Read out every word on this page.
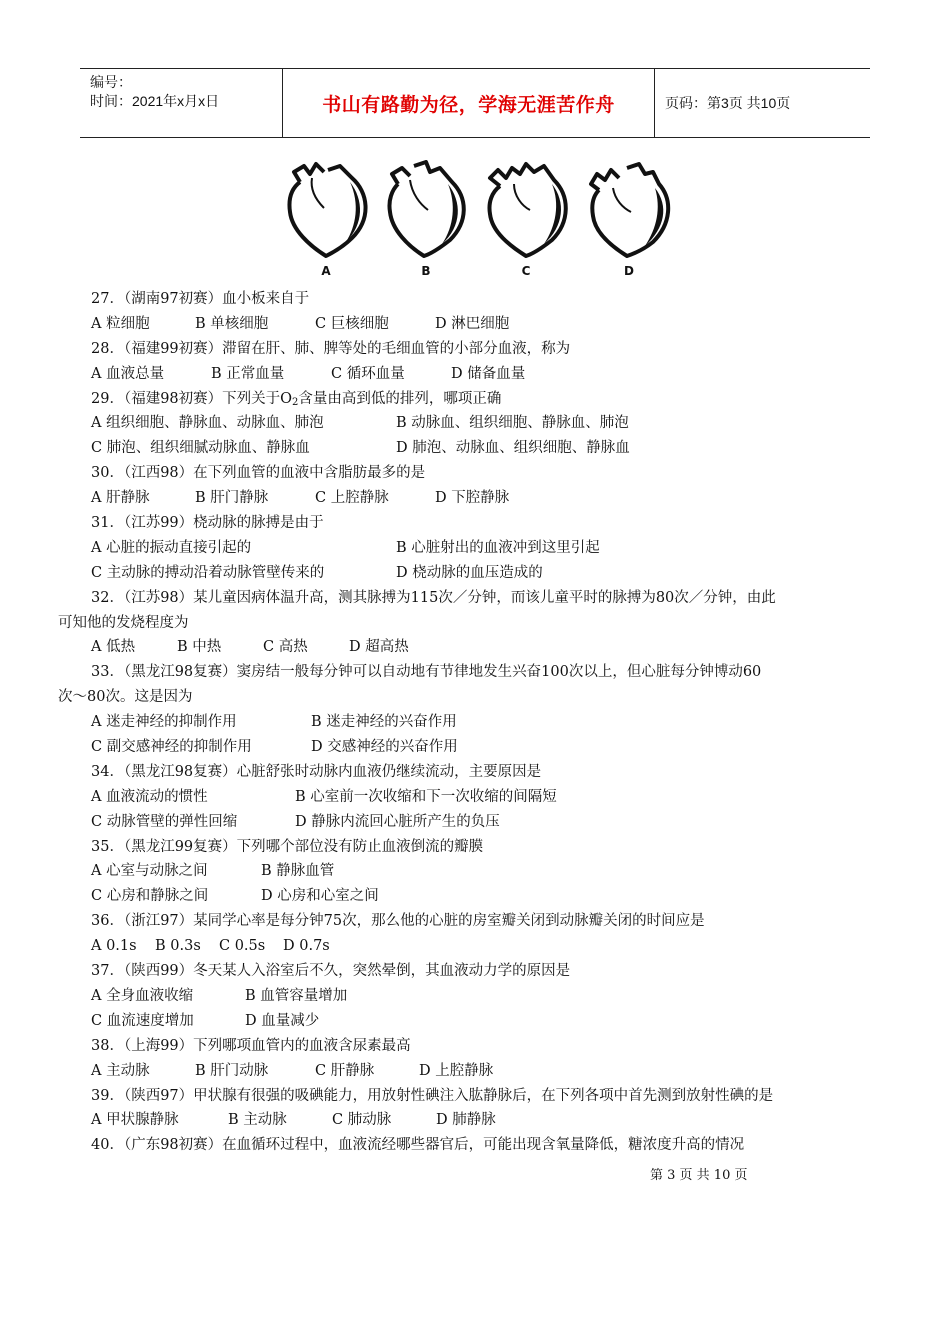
编号：
时间：2021年x月x日	书山有路勤为径，学海无涯苦作舟	页码：第3页 共10页
A	B	C	D
27．（湖南97初赛）血小板来自于
A 粒细胞	B 单核细胞	C 巨核细胞	D 淋巴细胞
28．（福建99初赛）滞留在肝、肺、脾等处的毛细血管的小部分血液，称为
A 血液总量	B 正常血量	C 循环血量	D 储备血量
29．（福建98初赛）下列关于$O_2$含量由高到低的排列，哪项正确
A 组织细胞、静脉血、动脉血、肺泡	B 动脉血、组织细胞、静脉血、肺泡
C 肺泡、组织细腻动脉血、静脉血	D 肺泡、动脉血、组织细胞、静脉血
30．（江西98）在下列血管的血液中含脂肪最多的是
A 肝静脉	B 肝门静脉	C 上腔静脉	D 下腔静脉
31．（江苏99）桡动脉的脉搏是由于
A 心脏的振动直接引起的	B 心脏射出的血液冲到这里引起
C 主动脉的搏动沿着动脉管壁传来的	D 桡动脉的血压造成的
32．（江苏98）某儿童因病体温升高，测其脉搏为115次／分钟，而该儿童平时的脉搏为80次／分钟，由此
可知他的发烧程度为
A 低热	B 中热	C 高热	D 超高热
33．（黑龙江98复赛）窦房结一般每分钟可以自动地有节律地发生兴奋100次以上，但心脏每分钟博动60
次～80次。这是因为
A 迷走神经的抑制作用	B 迷走神经的兴奋作用
C 副交感神经的抑制作用	D 交感神经的兴奋作用
34．（黑龙江98复赛）心脏舒张时动脉内血液仍继续流动，主要原因是
A 血液流动的惯性	B 心室前一次收缩和下一次收缩的间隔短
C 动脉管壁的弹性回缩	D 静脉内流回心脏所产生的负压
35．（黑龙江99复赛）下列哪个部位没有防止血液倒流的瓣膜
A 心室与动脉之间	B 静脉血管
C 心房和静脉之间	D 心房和心室之间
36．（浙江97）某同学心率是每分钟75次，那么他的心脏的房室瓣关闭到动脉瓣关闭的时间应是
A 0.1s	B 0.3s	C 0.5s	D 0.7s
37．（陕西99）冬天某人入浴室后不久，突然晕倒，其血液动力学的原因是
A 全身血液收缩	B 血管容量增加
C 血流速度增加	D 血量减少
38．（上海99）下列哪项血管内的血液含尿素最高
A 主动脉	B 肝门动脉	C 肝静脉	D 上腔静脉
39．（陕西97）甲状腺有很强的吸碘能力，用放射性碘注入肱静脉后，在下列各项中首先测到放射性碘的是
A 甲状腺静脉	B 主动脉	C 肺动脉	D 肺静脉
40．（广东98初赛）在血循环过程中，血液流经哪些器官后，可能出现含氧量降低，糖浓度升高的情况
第 3 页 共 10 页
